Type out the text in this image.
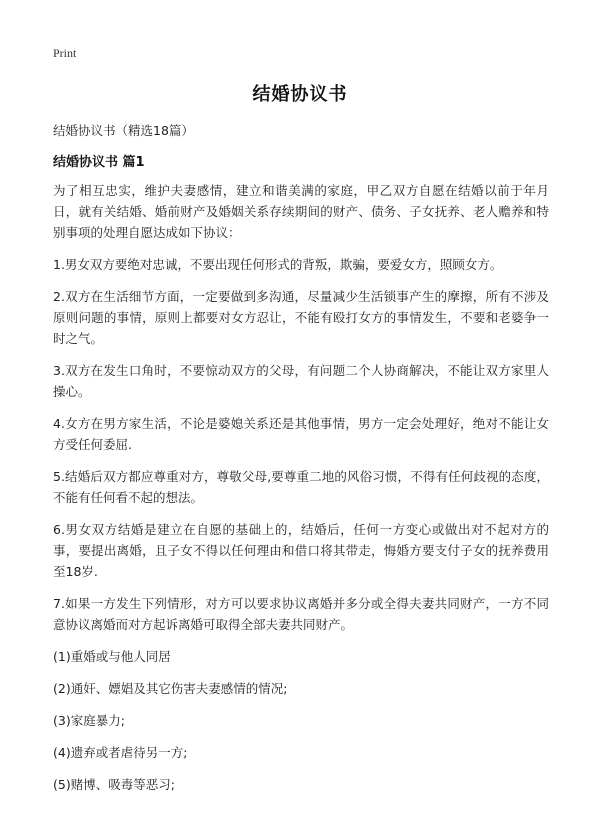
Print
结婚协议书
结婚协议书（精选18篇）
结婚协议书 篇1

为了相互忠实，维护夫妻感情，建立和谐美满的家庭，甲乙双方自愿在结婚以前于年月日，就有关结婚、婚前财产及婚姻关系存续期间的财产、债务、子女抚养、老人赡养和特别事项的处理自愿达成如下协议：

1.男女双方要绝对忠诚，不要出现任何形式的背叛，欺骗，要爱女方，照顾女方。

2.双方在生活细节方面，一定要做到多沟通，尽量减少生活锁事产生的摩擦，所有不涉及原则问题的事情，原则上都要对女方忍让，不能有殴打女方的事情发生，不要和老婆争一时之气。

3.双方在发生口角时，不要惊动双方的父母，有问题二个人协商解决，不能让双方家里人操心。

4.女方在男方家生活，不论是婆媳关系还是其他事情，男方一定会处理好，绝对不能让女方受任何委屈.

5.结婚后双方都应尊重对方，尊敬父母,要尊重二地的风俗习惯，不得有任何歧视的态度，不能有任何看不起的想法。

6.男女双方结婚是建立在自愿的基础上的，结婚后，任何一方变心或做出对不起对方的事，要提出离婚，且子女不得以任何理由和借口将其带走，悔婚方要支付子女的抚养费用至18岁.

7.如果一方发生下列情形，对方可以要求协议离婚并多分或全得夫妻共同财产，一方不同意协议离婚而对方起诉离婚可取得全部夫妻共同财产。

(1)重婚或与他人同居

(2)通奸、嫖娼及其它伤害夫妻感情的情况;

(3)家庭暴力;

(4)遗弃或者虐待另一方;

(5)赌博、吸毒等恶习;
